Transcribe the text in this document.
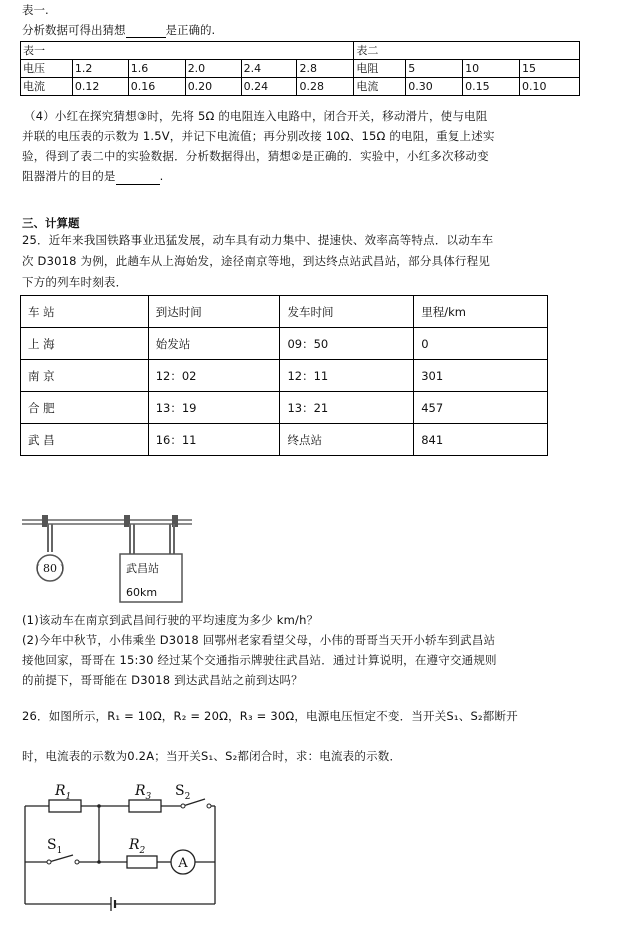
表一.
分析数据可得出猜想	是正确的.
表一						表二			
电压	1.2	1.6	2.0	2.4	2.8	电阻	5	10	15
电流	0.12	0.16	0.20	0.24	0.28	电流	0.30	0.15	0.10
（4）小红在探究猜想③时，先将 5Ω 的电阻连入电路中，闭合开关，移动滑片，使与电阻
并联的电压表的示数为 1.5V，并记下电流值；再分别改接 10Ω、15Ω 的电阻，重复上述实
验，得到了表二中的实验数据．分析数据得出，猜想②是正确的．实验中，小红多次移动变
阻器滑片的目的是	.
三、计算题
25．近年来我国铁路事业迅猛发展，动车具有动力集中、提速快、效率高等特点．以动车车
次 D3018 为例，此趟车从上海始发，途径南京等地，到达终点站武昌站，部分具体行程见
下方的列车时刻表．
车 站	到达时间	发车时间	里程/km
上 海	始发站	09：50	0
南 京	12：02	12：11	301
合 肥	13：19	13：21	457
武 昌	16：11	终点站	841
80
( )	武昌站
60km
(1)该动车在南京到武昌间行驶的平均速度为多少 km/h？
(2)今年中秋节，小伟乘坐 D3018 回鄂州老家看望父母，小伟的哥哥当天开小轿车到武昌站
接他回家，哥哥在 15:30 经过某个交通指示牌驶往武昌站．通过计算说明，在遵守交通规则
的前提下，哥哥能在 D3018 到达武昌站之前到达吗？
26．如图所示，R₁ = 10Ω，R₂ = 20Ω，R₃ = 30Ω，电源电压恒定不变．当开关S₁、S₂都断开
时，电流表的示数为0.2A；当开关S₁、S₂都闭合时，求：电流表的示数．
A
$R_1$	$R_3$ $S_2$
$S_1$	$R_2$
